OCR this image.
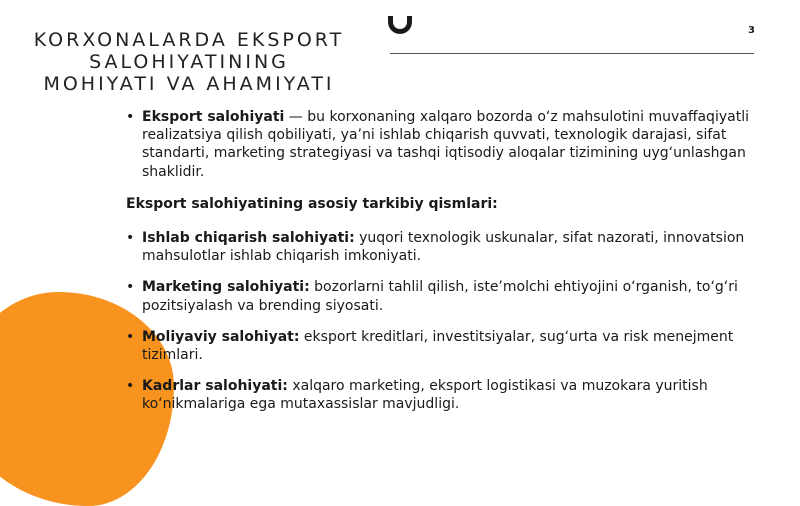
3
KORXONALARDA EKSPORT SALOHIYATINING MOHIYATI VA AHAMIYATI
• Eksport salohiyati — bu korxonaning xalqaro bozorda o‘z mahsulotini muvaffaqiyatli realizatsiya qilish qobiliyati, ya’ni ishlab chiqarish quvvati, texnologik darajasi, sifat standarti, marketing strategiyasi va tashqi iqtisodiy aloqalar tizimining uyg‘unlashgan shaklidir.
Eksport salohiyatining asosiy tarkibiy qismlari:
• Ishlab chiqarish salohiyati: yuqori texnologik uskunalar, sifat nazorati, innovatsion mahsulotlar ishlab chiqarish imkoniyati.
• Marketing salohiyati: bozorlarni tahlil qilish, iste’molchi ehtiyojini o‘rganish, to‘g‘ri pozitsiyalash va brending siyosati.
• Moliyaviy salohiyat: eksport kreditlari, investitsiyalar, sug‘urta va risk menejment tizimlari.
• Kadrlar salohiyati: xalqaro marketing, eksport logistikasi va muzokara yuritish ko‘nikmalariga ega mutaxassislar mavjudligi.
